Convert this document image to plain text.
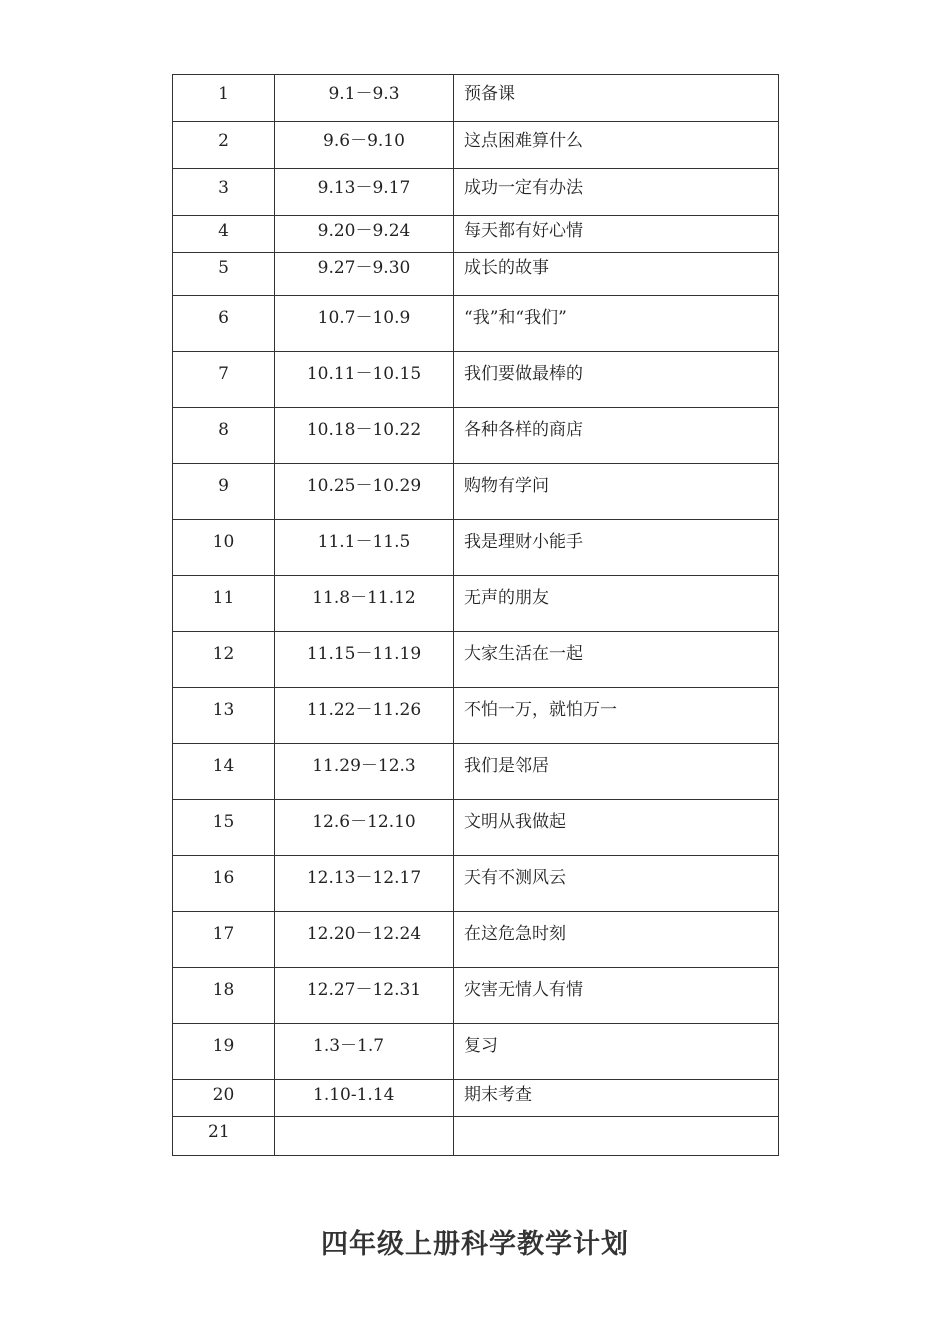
1	9.1－9.3	预备课
2	9.6－9.10	这点困难算什么
3	9.13－9.17	成功一定有办法
4	9.20－9.24	每天都有好心情
5	9.27－9.30	成长的故事
6	10.7－10.9	“我”和“我们”
7	10.11－10.15	我们要做最棒的
8	10.18－10.22	各种各样的商店
9	10.25－10.29	购物有学问
10	11.1－11.5	我是理财小能手
11	11.8－11.12	无声的朋友
12	11.15－11.19	大家生活在一起
13	11.22－11.26	不怕一万，就怕万一
14	11.29－12.3	我们是邻居
15	12.6－12.10	文明从我做起
16	12.13－12.17	天有不测风云
17	12.20－12.24	在这危急时刻
18	12.27－12.31	灾害无情人有情
19	1.3－1.7	复习
20	1.10-1.14	期末考查
21		
四年级上册科学教学计划
